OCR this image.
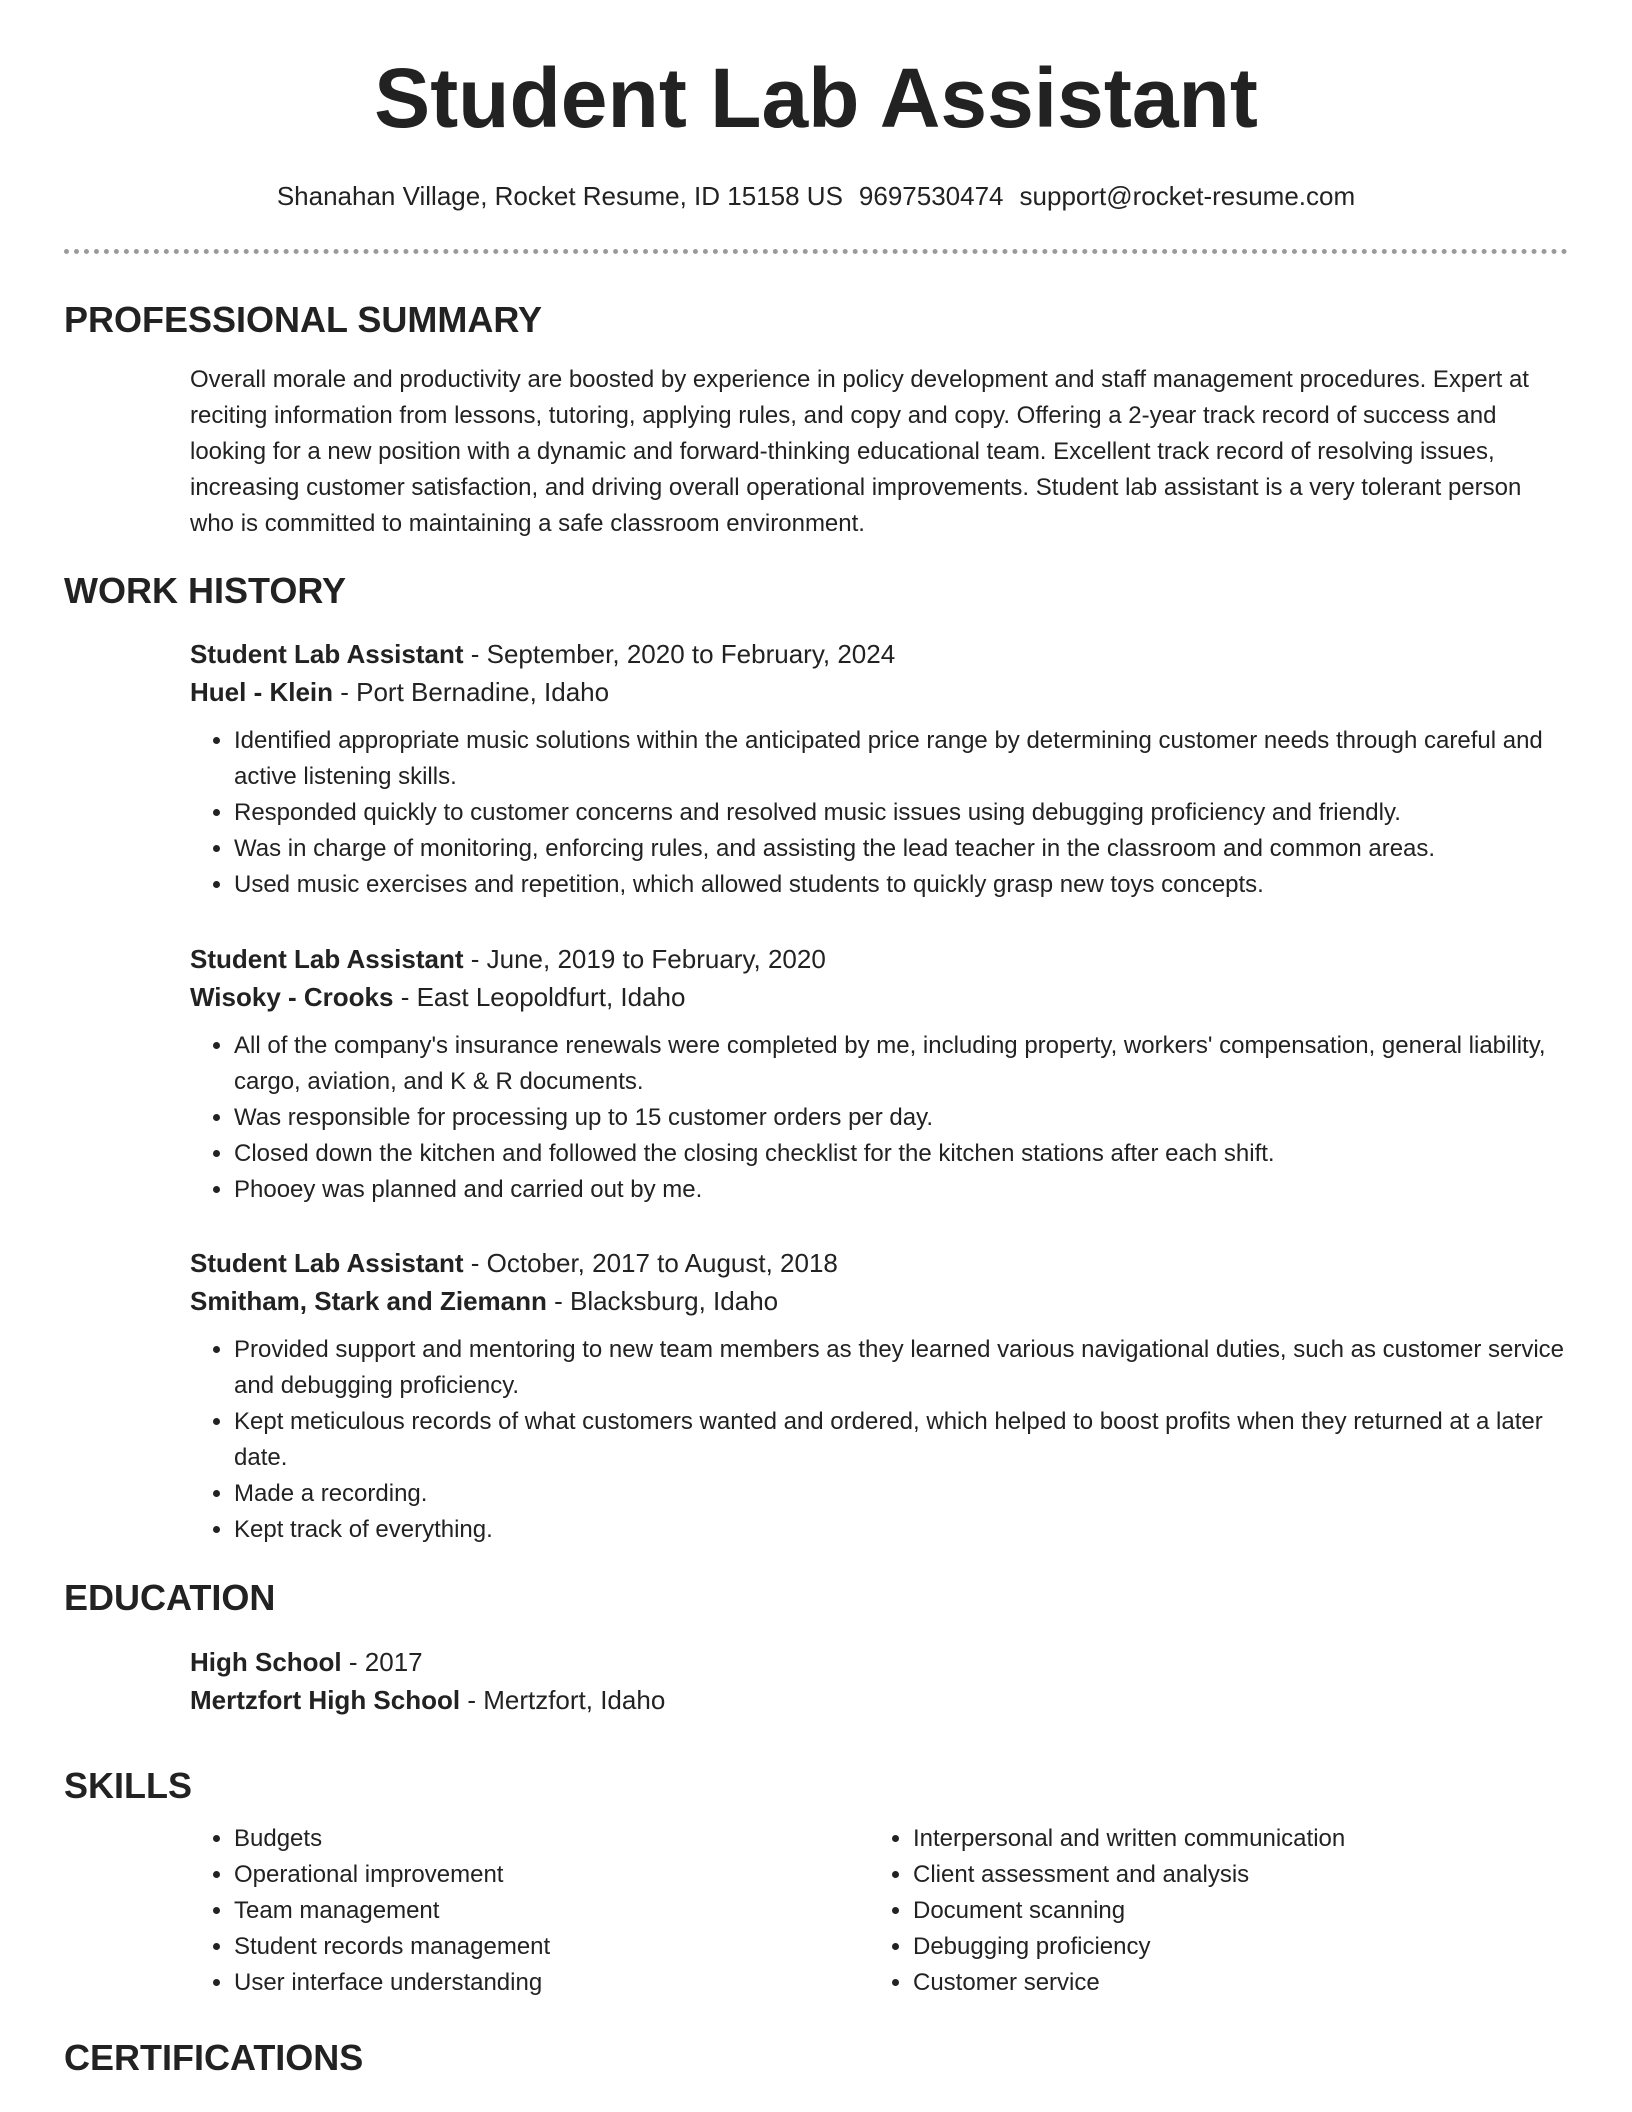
Student Lab Assistant
Shanahan Village, Rocket Resume, ID 15158 US 9697530474 support@rocket-resume.com
PROFESSIONAL SUMMARY

Overall morale and productivity are boosted by experience in policy development and staff management procedures. Expert at reciting information from lessons, tutoring, applying rules, and copy and copy. Offering a 2-year track record of success and looking for a new position with a dynamic and forward-thinking educational team. Excellent track record of resolving issues, increasing customer satisfaction, and driving overall operational improvements. Student lab assistant is a very tolerant person who is committed to maintaining a safe classroom environment.

WORK HISTORY
Student Lab Assistant - September, 2020 to February, 2024
Huel - Klein - Port Bernadine, Idaho
• Identified appropriate music solutions within the anticipated price range by determining customer needs through careful and active listening skills.
• Responded quickly to customer concerns and resolved music issues using debugging proficiency and friendly.
• Was in charge of monitoring, enforcing rules, and assisting the lead teacher in the classroom and common areas.
• Used music exercises and repetition, which allowed students to quickly grasp new toys concepts.
Student Lab Assistant - June, 2019 to February, 2020
Wisoky - Crooks - East Leopoldfurt, Idaho
• All of the company's insurance renewals were completed by me, including property, workers' compensation, general liability, cargo, aviation, and K & R documents.
• Was responsible for processing up to 15 customer orders per day.
• Closed down the kitchen and followed the closing checklist for the kitchen stations after each shift.
• Phooey was planned and carried out by me.
Student Lab Assistant - October, 2017 to August, 2018
Smitham, Stark and Ziemann - Blacksburg, Idaho
• Provided support and mentoring to new team members as they learned various navigational duties, such as customer service and debugging proficiency.
• Kept meticulous records of what customers wanted and ordered, which helped to boost profits when they returned at a later date.
• Made a recording.
• Kept track of everything.
EDUCATION
High School - 2017
Mertzfort High School - Mertzfort, Idaho
SKILLS
• Budgets
• Operational improvement
• Team management
• Student records management
• User interface understanding
• Interpersonal and written communication
• Client assessment and analysis
• Document scanning
• Debugging proficiency
• Customer service
CERTIFICATIONS
